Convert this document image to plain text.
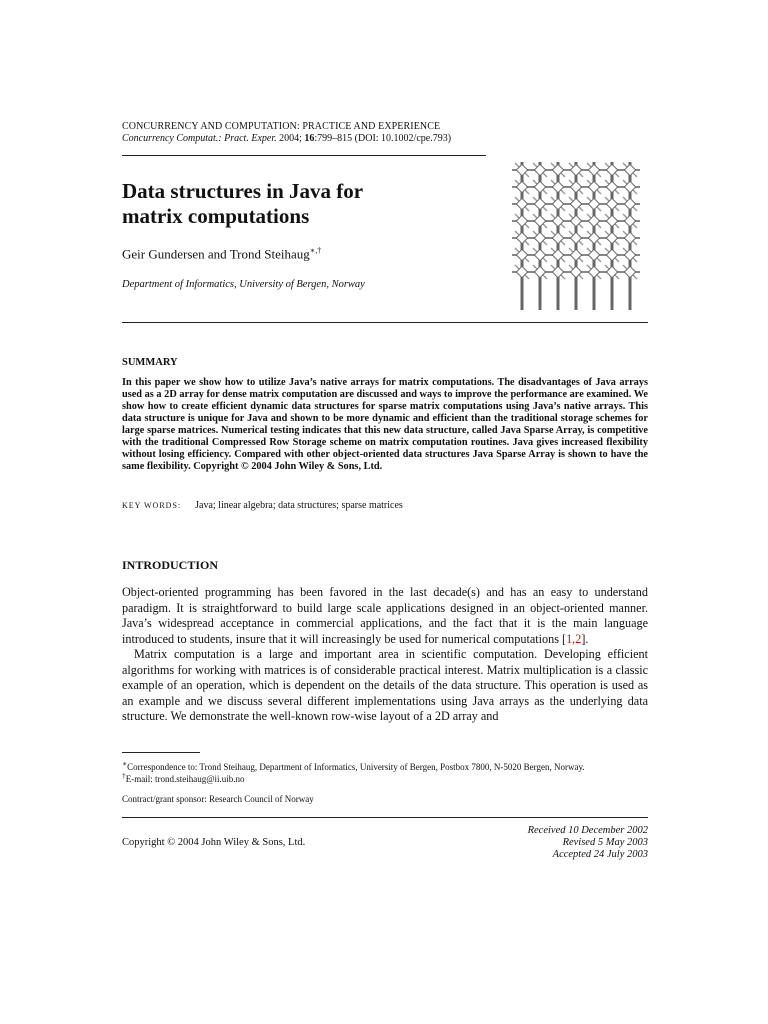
CONCURRENCY AND COMPUTATION: PRACTICE AND EXPERIENCE
Concurrency Computat.: Pract. Exper. 2004; 16:799–815 (DOI: 10.1002/cpe.793)
Data structures in Java for
matrix computations
Geir Gundersen and Trond Steihaug∗,†
Department of Informatics, University of Bergen, Norway
SUMMARY
In this paper we show how to utilize Java’s native arrays for matrix computations. The disadvantages of Java arrays used as a 2D array for dense matrix computation are discussed and ways to improve the performance are examined. We show how to create efficient dynamic data structures for sparse matrix computations using Java’s native arrays. This data structure is unique for Java and shown to be more dynamic and efficient than the traditional storage schemes for large sparse matrices. Numerical testing indicates that this new data structure, called Java Sparse Array, is competitive with the traditional Compressed Row Storage scheme on matrix computation routines. Java gives increased flexibility without losing efficiency. Compared with other object-oriented data structures Java Sparse Array is shown to have the same flexibility. Copyright © 2004 John Wiley & Sons, Ltd.
KEY WORDS: Java; linear algebra; data structures; sparse matrices
INTRODUCTION

Object-oriented programming has been favored in the last decade(s) and has an easy to understand paradigm. It is straightforward to build large scale applications designed in an object-oriented manner. Java’s widespread acceptance in commercial applications, and the fact that it is the main language introduced to students, insure that it will increasingly be used for numerical computations [1,2].

Matrix computation is a large and important area in scientific computation. Developing efficient algorithms for working with matrices is of considerable practical interest. Matrix multiplication is a classic example of an operation, which is dependent on the details of the data structure. This operation is used as an example and we discuss several different implementations using Java arrays as the underlying data structure. We demonstrate the well-known row-wise layout of a 2D array and

∗Correspondence to: Trond Steihaug, Department of Informatics, University of Bergen, Postbox 7800, N-5020 Bergen, Norway.
†E-mail: trond.steihaug@ii.uib.no
Contract/grant sponsor: Research Council of Norway
Copyright © 2004 John Wiley & Sons, Ltd.
Received 10 December 2002
Revised 5 May 2003
Accepted 24 July 2003
